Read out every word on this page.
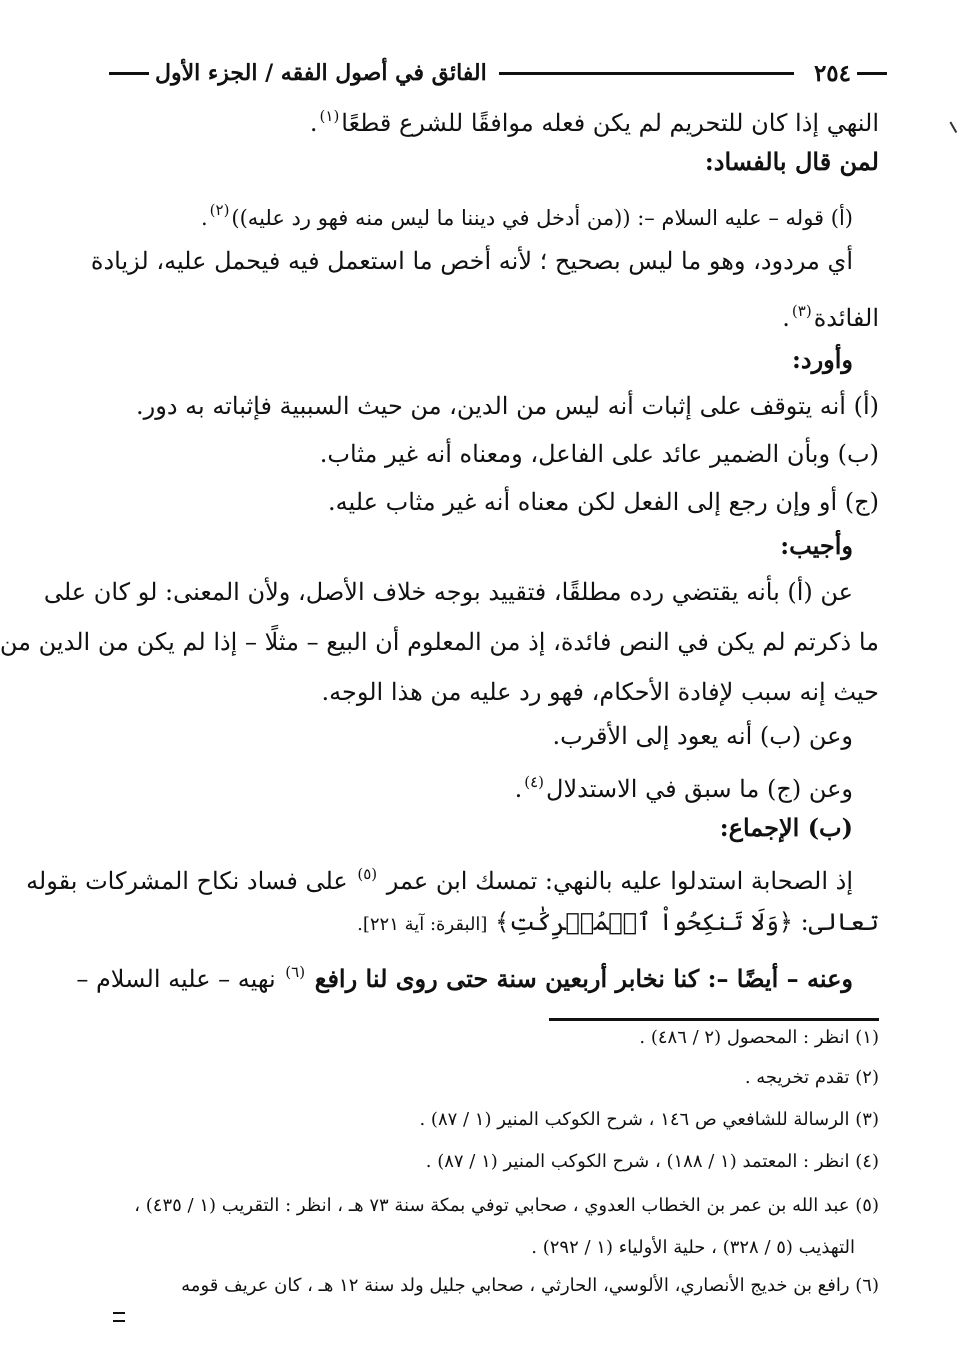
٢٥٤
الفائق في أصول الفقه / الجزء الأول
النهي إذا كان للتحريم لم يكن فعله موافقًا للشرع قطعًا$^{(١)}$.
لمن قال بالفساد:
(أ) قوله – عليه السلام –: ((من أدخل في ديننا ما ليس منه فهو رد عليه))$^{(٢)}$.
أي مردود، وهو ما ليس بصحيح ؛ لأنه أخص ما استعمل فيه فيحمل عليه، لزيادة
الفائدة$^{(٣)}$.
وأورد:
(أ) أنه يتوقف على إثبات أنه ليس من الدين، من حيث السببية فإثباته به دور.
(ب) وبأن الضمير عائد على الفاعل، ومعناه أنه غير مثاب.
(ج) أو وإن رجع إلى الفعل لكن معناه أنه غير مثاب عليه.
وأجيب:
عن (أ) بأنه يقتضي رده مطلقًا، فتقييد بوجه خلاف الأصل، ولأن المعنى: لو كان على
ما ذكرتم لم يكن في النص فائدة، إذ من المعلوم أن البيع – مثلًا – إذا لم يكن من الدين من
حيث إنه سبب لإفادة الأحكام، فهو رد عليه من هذا الوجه.
وعن (ب) أنه يعود إلى الأقرب.
وعن (ج) ما سبق في الاستدلال$^{(٤)}$.
(ب) الإجماع:
إذ الصحابة استدلوا عليه بالنهي: تمسك ابن عمر $^{(٥)}$ على فساد نكاح المشركات بقوله
تعالى: ﴿وَلَا تَنكِحُواْ ٱلۡمُشۡرِكَٰتِ﴾ [البقرة: آية ٢٢١].
وعنه – أيضًا –: كنا نخابر أربعين سنة حتى روى لنا رافع $^{(٦)}$ نهيه – عليه السلام –
(١) انظر : المحصول (٢ / ٤٨٦) .
(٢) تقدم تخريجه .
(٣) الرسالة للشافعي ص ١٤٦ ، شرح الكوكب المنير (١ / ٨٧) .
(٤) انظر : المعتمد (١ / ١٨٨) ، شرح الكوكب المنير (١ / ٨٧) .
(٥) عبد الله بن عمر بن الخطاب العدوي ، صحابي توفي بمكة سنة ٧٣ هـ ، انظر : التقريب (١ / ٤٣٥) ،
التهذيب (٥ / ٣٢٨) ، حلية الأولياء (١ / ٢٩٢) .
(٦) رافع بن خديج الأنصاري، الألوسي، الحارثي ، صحابي جليل ولد سنة ١٢ هـ ، كان عريف قومه
